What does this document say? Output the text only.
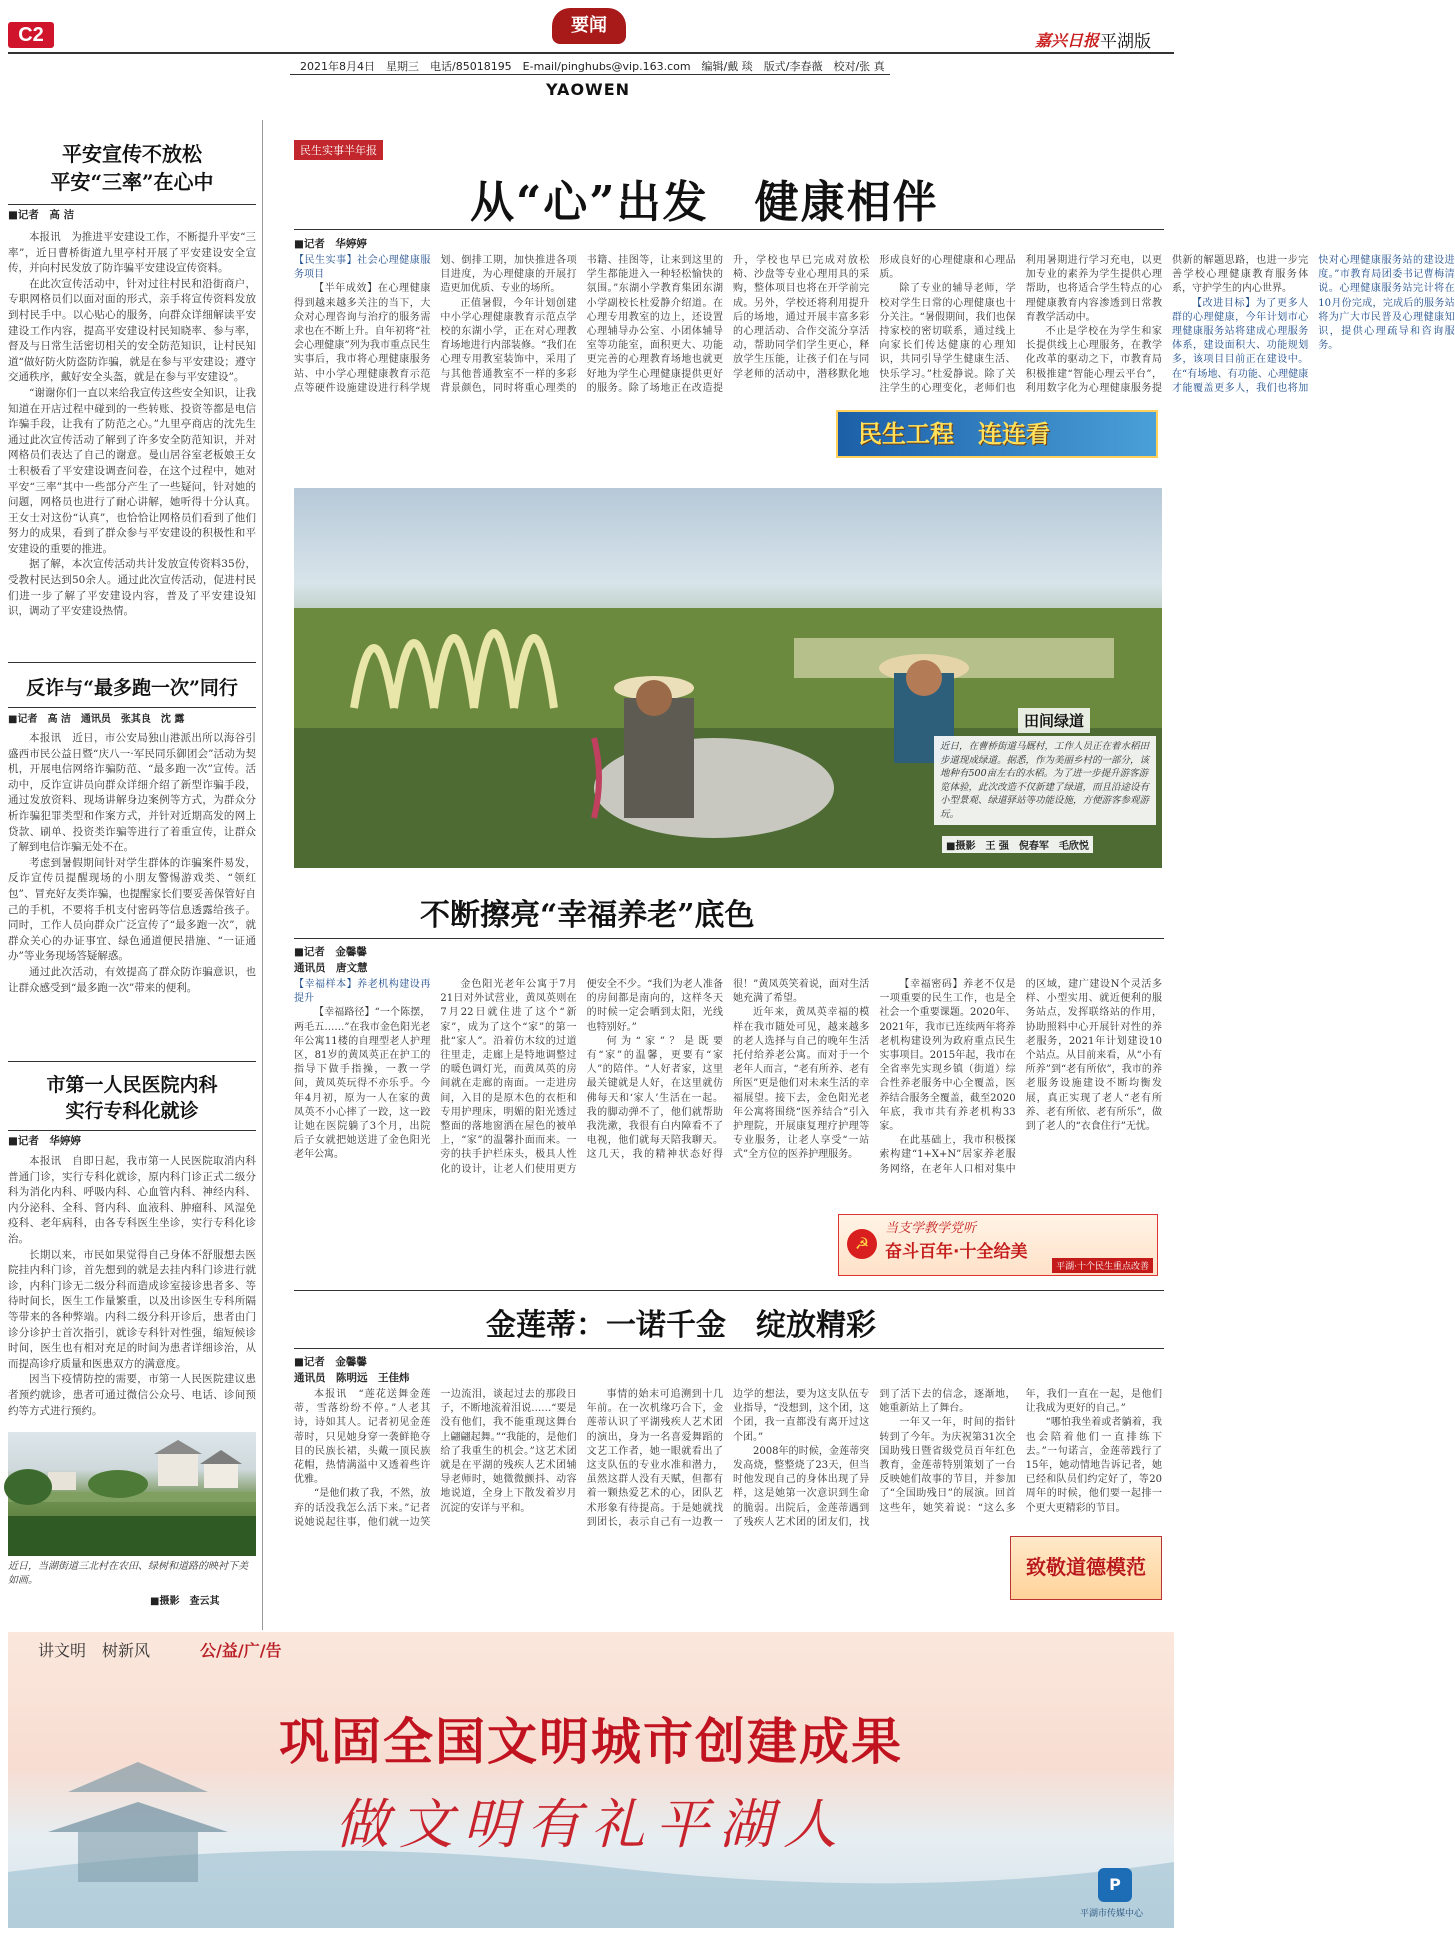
C2	要闻
嘉兴日报 平湖版
2021年8月4日　星期三　电话/85018195　E-mail/pinghubs@vip.163.com　编辑/戴 琰　版式/李春薇　校对/张 真
YAOWEN
平安宣传不放松
平安“三率”在心中
■记者　高 洁

本报讯　为推进平安建设工作，不断提升平安“三率”，近日曹桥街道九里亭村开展了平安建设安全宣传，并向村民发放了防诈骗平安建设宣传资料。

在此次宣传活动中，针对过往村民和沿街商户，专职网格员们以面对面的形式，亲手将宣传资料发放到村民手中。以心贴心的服务，向群众详细解读平安建设工作内容，提高平安建设村民知晓率、参与率，督及与日常生活密切相关的安全防范知识，让村民知道“做好防火防盗防诈骗，就是在参与平安建设；遵守交通秩序，戴好安全头盔，就是在参与平安建设”。

“谢谢你们一直以来给我宣传这些安全知识，让我知道在开店过程中碰到的一些转账、投资等都是电信诈骗手段，让我有了防范之心。”九里亭商店的沈先生通过此次宣传活动了解到了许多安全防范知识，并对网格员们表达了自己的谢意。曼山居谷室老板娘王女士积极看了平安建设调查问卷，在这个过程中，她对平安“三率”其中一些部分产生了一些疑问，针对她的问题，网格员也进行了耐心讲解，她听得十分认真。王女士对这份“认真”，也恰恰让网格员们看到了他们努力的成果，看到了群众参与平安建设的积极性和平安建设的重要的推进。

据了解，本次宣传活动共计发放宣传资料35份，受教村民达到50余人。通过此次宣传活动，促进村民们进一步了解了平安建设内容，普及了平安建设知识，调动了平安建设热情。

反诈与“最多跑一次”同行
■记者　高 洁　通讯员　张其良　沈 露

本报讯　近日，市公安局独山港派出所以海谷引盛西市民公益日暨“庆八一·军民同乐御团会”活动为契机，开展电信网络诈骗防范、“最多跑一次”宣传。活动中，反诈宣讲员向群众详细介绍了新型诈骗手段，通过发放资料、现场讲解身边案例等方式，为群众分析诈骗犯罪类型和作案方式，并针对近期高发的网上贷款、刷单、投资类诈骗等进行了着重宣传，让群众了解到电信诈骗无处不在。

考虑到暑假期间针对学生群体的诈骗案件易发，反诈宣传员提醒现场的小朋友警惕游戏类、“领红包”、冒充好友类诈骗，也提醒家长们要妥善保管好自己的手机，不要将手机支付密码等信息透露给孩子。同时，工作人员向群众广泛宣传了“最多跑一次”，就群众关心的办证事宜、绿色通道便民措施、“一证通办”等业务现场答疑解惑。

通过此次活动，有效提高了群众防诈骗意识，也让群众感受到“最多跑一次”带来的便利。

市第一人民医院内科
实行专科化就诊
■记者　华婷婷

本报讯　自即日起，我市第一人民医院取消内科普通门诊，实行专科化就诊，原内科门诊正式二级分科为消化内科、呼吸内科、心血管内科、神经内科、内分泌科、全科、肾内科、血液科、肿瘤科、风湿免疫科、老年病科，由各专科医生坐诊，实行专科化诊治。

长期以来，市民如果觉得自己身体不舒服想去医院挂内科门诊，首先想到的就是去挂内科门诊进行就诊，内科门诊无二级分科而造成诊室接诊患者多、等待时间长，医生工作量繁重，以及出诊医生专科所隔等带来的各种弊端。内科二级分科开诊后，患者由门诊分诊护士首次指引，就诊专科针对性强，缩短候诊时间，医生也有相对充足的时间为患者详细诊治，从而提高诊疗质量和医患双方的满意度。

因当下疫情防控的需要，市第一人民医院建议患者预约就诊，患者可通过微信公众号、电话、诊间预约等方式进行预约。

近日，当湖街道三北村在农田、绿树和道路的映衬下美如画。
■摄影　查云其
民生实事半年报
从“心”出发　健康相伴
■记者　华婷婷

【民生实事】社会心理健康服务项目

【半年成效】在心理健康得到越来越多关注的当下，大众对心理咨询与治疗的服务需求也在不断上升。自年初将“社会心理健康”列为我市重点民生实事后，我市将心理健康服务站、中小学心理健康教育示范点等硬件设施建设进行科学规划、倒排工期，加快推进各项目进度，为心理健康的开展打造更加优质、专业的场所。

正值暑假，今年计划创建中小学心理健康教育示范点学校的东湖小学，正在对心理教育场地进行内部装修。“我们在心理专用教室装饰中，采用了与其他普通教室不一样的多彩背景颜色，同时将重心理类的书籍、挂图等，让来到这里的学生都能进入一种轻松愉快的氛围。”东湖小学教育集团东湖小学副校长杜爱静介绍道。在心理专用教室的边上，还设置心理辅导办公室、小团体辅导室等功能室，面积更大、功能更完善的心理教育场地也就更好地为学生心理健康提供更好的服务。除了场地正在改造提升，学校也早已完成对放松椅、沙盘等专业心理用具的采购，整体项目也将在开学前完成。另外，学校还将利用提升后的场地，通过开展丰富多彩的心理活动、合作交流分享活动，帮助同学们学生更心，释放学生压能，让孩子们在与同学老师的活动中，潜移默化地形成良好的心理健康和心理品质。

除了专业的辅导老师，学校对学生日常的心理健康也十分关注。“暑假期间，我们也保持家校的密切联系，通过线上向家长们传达健康的心理知识，共同引导学生健康生活、快乐学习。”杜爱静说。除了关注学生的心理变化，老师们也利用暑期进行学习充电，以更加专业的素养为学生提供心理帮助，也将适合学生特点的心理健康教育内容渗透到日常教育教学活动中。

不止是学校在为学生和家长提供线上心理服务，在教学化改革的驱动之下，市教育局积极推建“智能心理云平台”，利用数字化为心理健康服务提供新的解题思路，也进一步完善学校心理健康教育服务体系，守护学生的内心世界。

【改进目标】为了更多人群的心理健康，今年计划市心理健康服务站将建成心理服务体系，建设面积大、功能规划多，该项目目前正在建设中。在“有场地、有功能、心理健康才能覆盖更多人，我们也将加快对心理健康服务站的建设进度。”市教育局团委书记曹梅清说。心理健康服务站完计将在10月份完成，完成后的服务站将为广大市民普及心理健康知识，提供心理疏导和咨询服务。

民生工程　连连看
田间绿道
近日，在曹桥街道马厩村，工作人员正在着水稻田步道现成绿道。据悉，作为美丽乡村的一部分，该地种有500亩左右的水稻。为了进一步提升游客游览体验，此次改造不仅新建了绿道，而且沿途设有小型景观、绿道驿站等功能设施，方便游客参观游玩。
■摄影　王 强　倪春军　毛欣悦
不断擦亮“幸福养老”底色
■记者　金馨馨
通讯员　唐文慧

【幸福样本】养老机构建设再提升

【幸福路径】“一个陈摆，两毛五……”在我市金色阳光老年公寓11楼的自理型老人护理区，81岁的黄凤英正在护工的指导下做手指操，一教一学间，黄凤英玩得不亦乐乎。今年4月初，原为一人在家的黄凤英不小心摔了一跤，这一跤让她在医院躺了3个月，出院后子女就把她送进了金色阳光老年公寓。

金色阳光老年公寓于7月21日对外试营业，黄凤英则在7月22日就住进了这个“新家”，成为了这个“家”的第一批“家人”。沿着仿木纹的过道往里走，走廊上是特地调整过的暖色调灯光，而黄凤英的房间就在走廊的南面。一走进房间，入目的是原木色的衣柜和专用护理床，明媚的阳光透过整面的落地窗洒在屋色的被单上，“家”的温馨扑面而来。一旁的扶手护栏床头，极具人性化的设计，让老人们使用更方便安全不少。“我们为老人准备的房间都是南向的，这样冬天的时候一定会晒到太阳，光线也特别好。”

何为“家”？是既要有“家”的温馨，更要有“家人”的陪伴。“人好者家，这里最关键就是人好，在这里就仿佛每天和‘家人’生活在一起。我的脚动弹不了，他们就帮助我洗漱，我很有白内障看不了电视，他们就每天陪我聊天。这几天，我的精神状态好得很！”黄凤英笑着说，面对生活她充满了希望。

近年来，黄凤英幸福的模样在我市随处可见，越来越多的老人选择与自己的晚年生活托付给养老公寓。而对于一个老年人而言，“老有所养、老有所医”更是他们对未来生活的幸福展望。接下去，金色阳光老年公寓将围绕“医养结合”引入护理院，开展康复理疗护理等专业服务，让老人享受“一站式”全方位的医养护理服务。

【幸福密码】养老不仅是一项重要的民生工作，也是全社会一个重要课题。2020年、2021年，我市已连续两年将养老机构建设列为政府重点民生实事项目。2015年起，我市在全省率先实现乡镇（街道）综合性养老服务中心全覆盖，医养结合服务全覆盖，截至2020年底，我市共有养老机构33家。

在此基础上，我市积极探索构建“1+X+N”居家养老服务网络，在老年人口相对集中的区域，建广建设N个灵活多样、小型实用、就近便利的服务站点，发挥联络站的作用，协助照料中心开展针对性的养老服务，2021年计划建设10个站点。从目前来看，从“小有所养”到“老有所依”，我市的养老服务设施建设不断均衡发展，真正实现了老人“老有所养、老有所依、老有所乐”，做到了老人的“衣食住行”无忧。

☭
当支学教学党听
奋斗百年·十全给美
平湖·十个民生重点改善
金莲蒂：一诺千金　绽放精彩
■记者　金馨馨
通讯员　陈明远　王佳炜

本报讯　“莲花送舞金莲蒂，雪落纷纷不停。”人老其诗，诗如其人。记者初见金莲蒂时，只见她身穿一袭鲜艳夺目的民族长裙，头戴一顶民族花帽，热情满溢中又透着些许优雅。

“是他们救了我，不然，放弃的话没我怎么活下来。”记者说她说起往事，他们就一边笑一边流泪，谈起过去的那段日子，不断地流着泪说……“要是没有他们，我不能重现这舞台上翩翩起舞。”“我能的，是他们给了我重生的机会。”这艺术团就是在平湖的残疾人艺术团辅导老师时，她微微颤抖、动容地说道，全身上下散发着岁月沉淀的安详与平和。

事情的始末可追溯到十几年前。在一次机缘巧合下，金莲蒂认识了平湖残疾人艺术团的演出，身为一名喜爱舞蹈的文艺工作者，她一眼就看出了这支队伍的专业水准和潜力，虽然这群人没有天赋，但都有着一颗热爱艺术的心，团队艺术形象有待提高。于是她就找到团长，表示自己有一边教一边学的想法，要为这支队伍专业指导，“没想到，这个团，这个团，我一直都没有离开过这个团。”

2008年的时候，金莲蒂突发高烧，整整烧了23天，但当时他发现自己的身体出现了异样，这是她第一次意识到生命的脆弱。出院后，金莲蒂遇到了残疾人艺术团的团友们，找到了活下去的信念，逐渐地，她重新站上了舞台。

一年又一年，时间的指针转到了今年。为庆祝第31次全国助残日暨省级党员百年红色教育，金莲蒂特别策划了一台反映她们故事的节目，并参加了“全国助残日”的展演。回首这些年，她笑着说：“这么多年，我们一直在一起，是他们让我成为更好的自己。”

“哪怕我坐着或者躺着，我也会陪着他们一直排练下去。”一句诺言，金莲蒂践行了15年，她动情地告诉记者，她已经和队员们约定好了，等20周年的时候，他们要一起排一个更大更精彩的节目。

致敬道德模范
讲文明　树新风	公/益/广/告
巩固全国文明城市创建成果
做文明有礼平湖人
P
平湖市传媒中心
